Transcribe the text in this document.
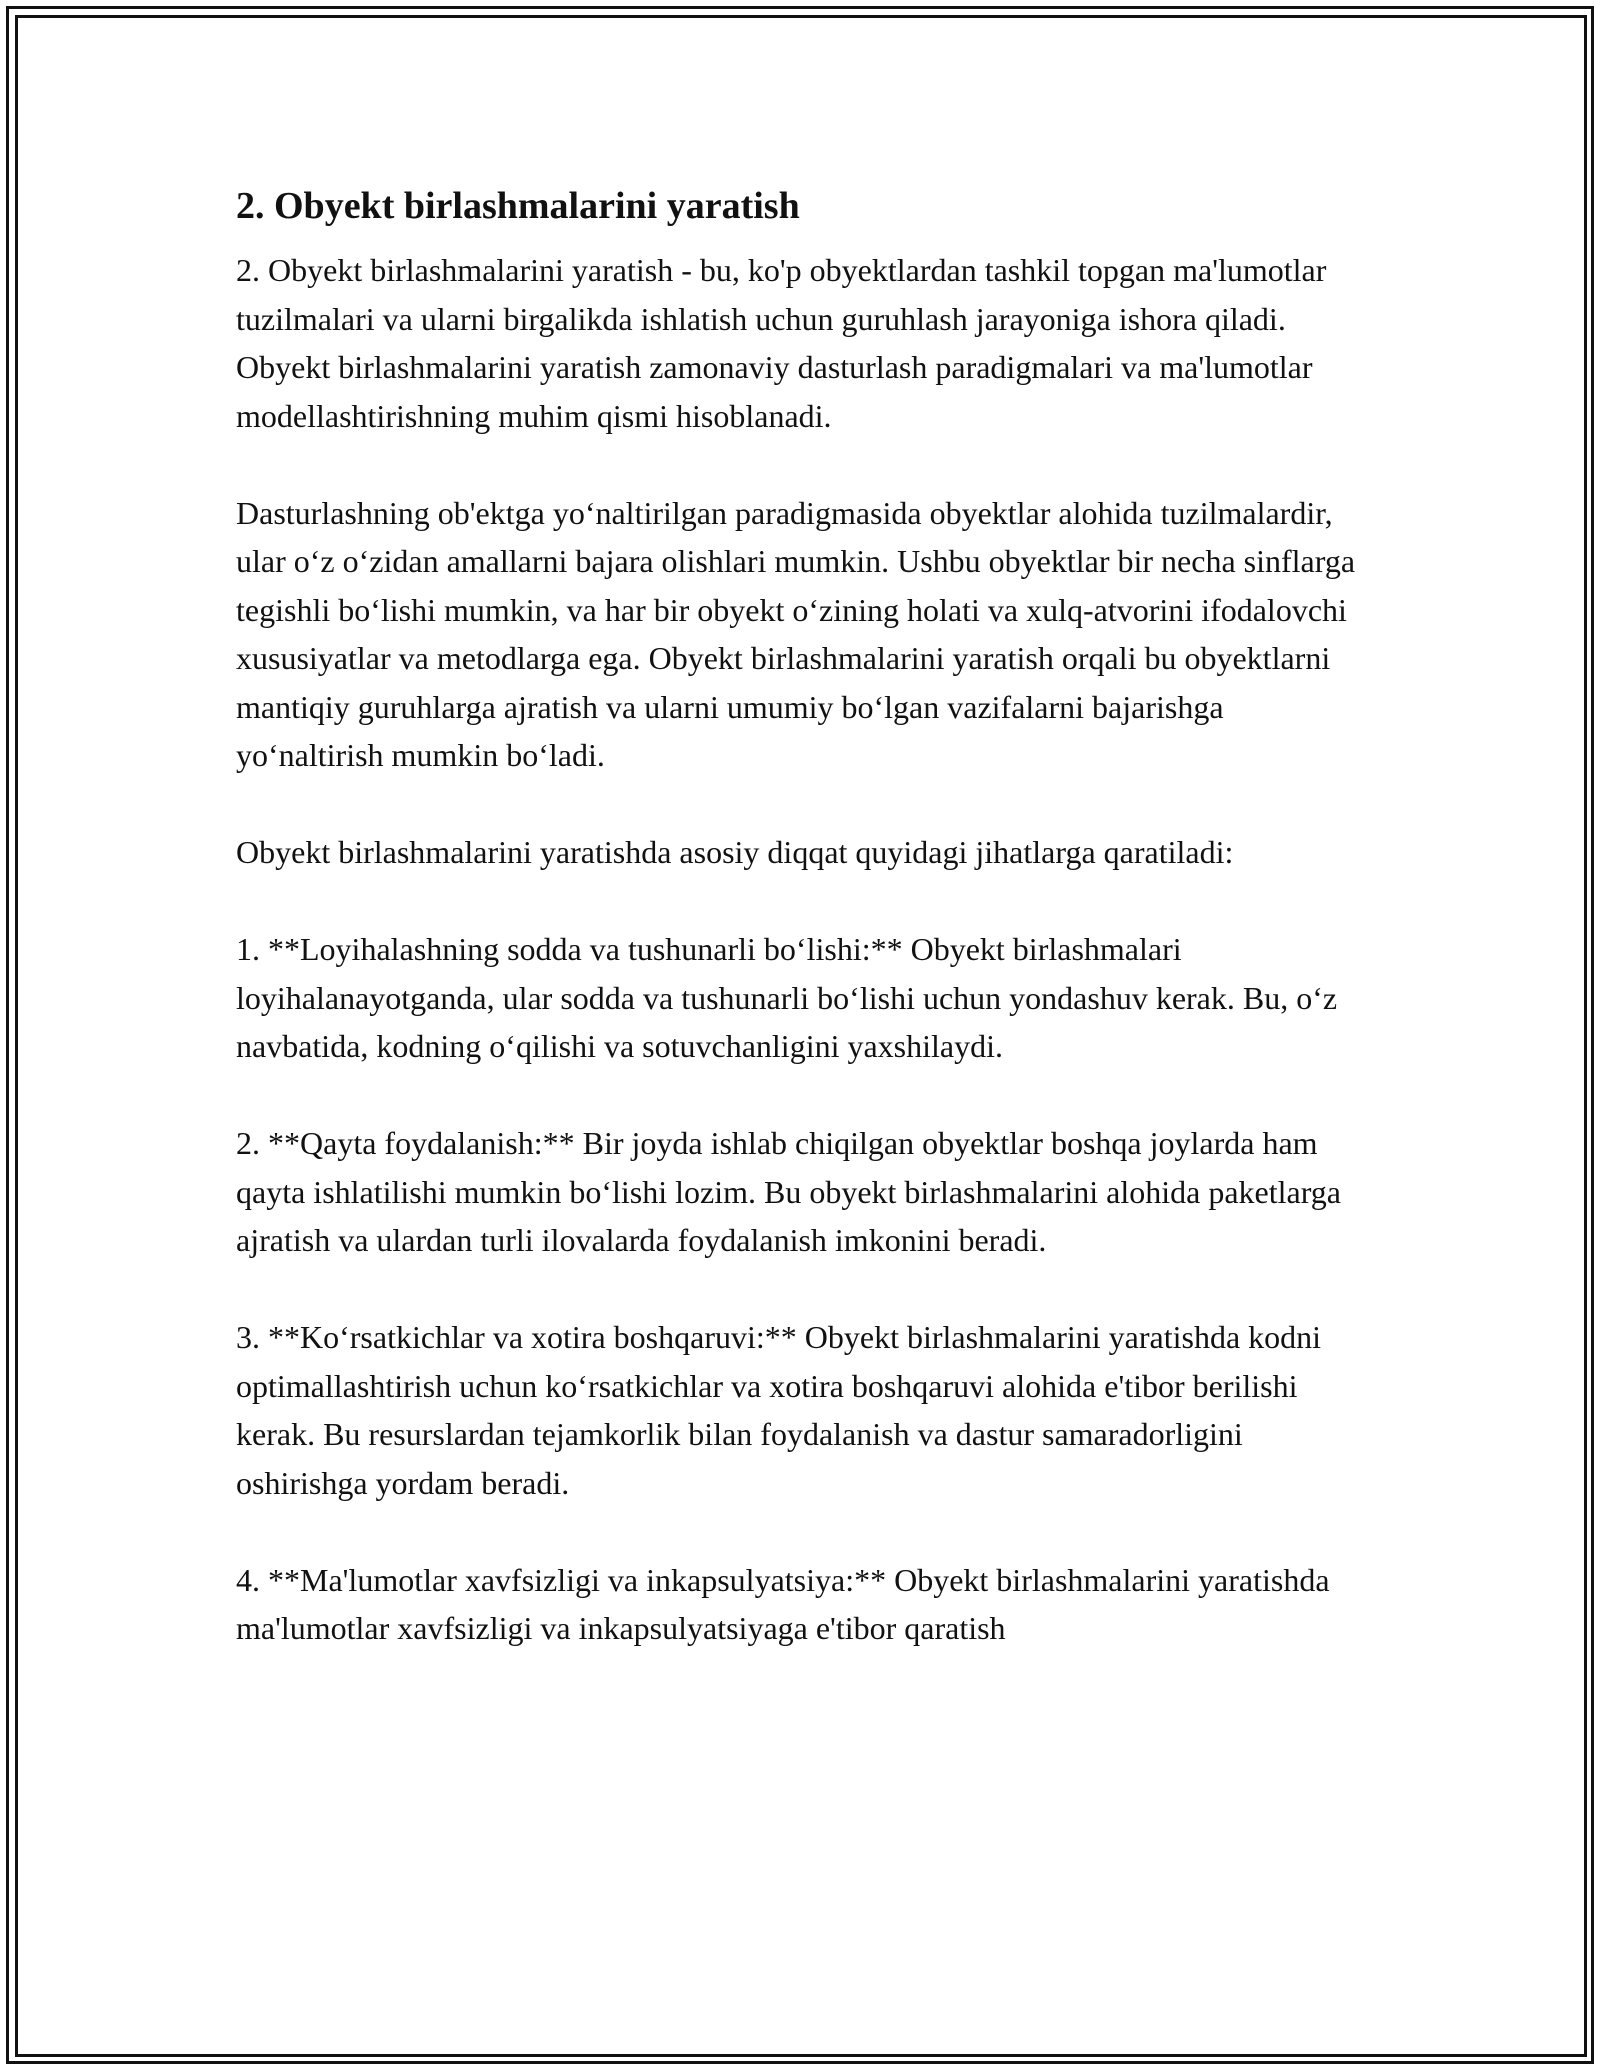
2. Obyekt birlashmalarini yaratish

2. Obyekt birlashmalarini yaratish - bu, ko'p obyektlardan tashkil topgan ma'lumotlar tuzilmalari va ularni birgalikda ishlatish uchun guruhlash jarayoniga ishora qiladi. Obyekt birlashmalarini yaratish zamonaviy dasturlash paradigmalari va ma'lumotlar modellashtirishning muhim qismi hisoblanadi.

Dasturlashning ob'ektga yo‘naltirilgan paradigmasida obyektlar alohida tuzilmalardir, ular o‘z o‘zidan amallarni bajara olishlari mumkin. Ushbu obyektlar bir necha sinflarga tegishli bo‘lishi mumkin, va har bir obyekt o‘zining holati va xulq-atvorini ifodalovchi xususiyatlar va metodlarga ega. Obyekt birlashmalarini yaratish orqali bu obyektlarni mantiqiy guruhlarga ajratish va ularni umumiy bo‘lgan vazifalarni bajarishga yo‘naltirish mumkin bo‘ladi.

Obyekt birlashmalarini yaratishda asosiy diqqat quyidagi jihatlarga qaratiladi:

1. **Loyihalashning sodda va tushunarli bo‘lishi:** Obyekt birlashmalari loyihalanayotganda, ular sodda va tushunarli bo‘lishi uchun yondashuv kerak. Bu, o‘z navbatida, kodning o‘qilishi va sotuvchanligini yaxshilaydi.

2. **Qayta foydalanish:** Bir joyda ishlab chiqilgan obyektlar boshqa joylarda ham qayta ishlatilishi mumkin bo‘lishi lozim. Bu obyekt birlashmalarini alohida paketlarga ajratish va ulardan turli ilovalarda foydalanish imkonini beradi.

3. **Ko‘rsatkichlar va xotira boshqaruvi:** Obyekt birlashmalarini yaratishda kodni optimallashtirish uchun ko‘rsatkichlar va xotira boshqaruvi alohida e'tibor berilishi kerak. Bu resurslardan tejamkorlik bilan foydalanish va dastur samaradorligini oshirishga yordam beradi.

4. **Ma'lumotlar xavfsizligi va inkapsulyatsiya:** Obyekt birlashmalarini yaratishda ma'lumotlar xavfsizligi va inkapsulyatsiyaga e'tibor qaratish
